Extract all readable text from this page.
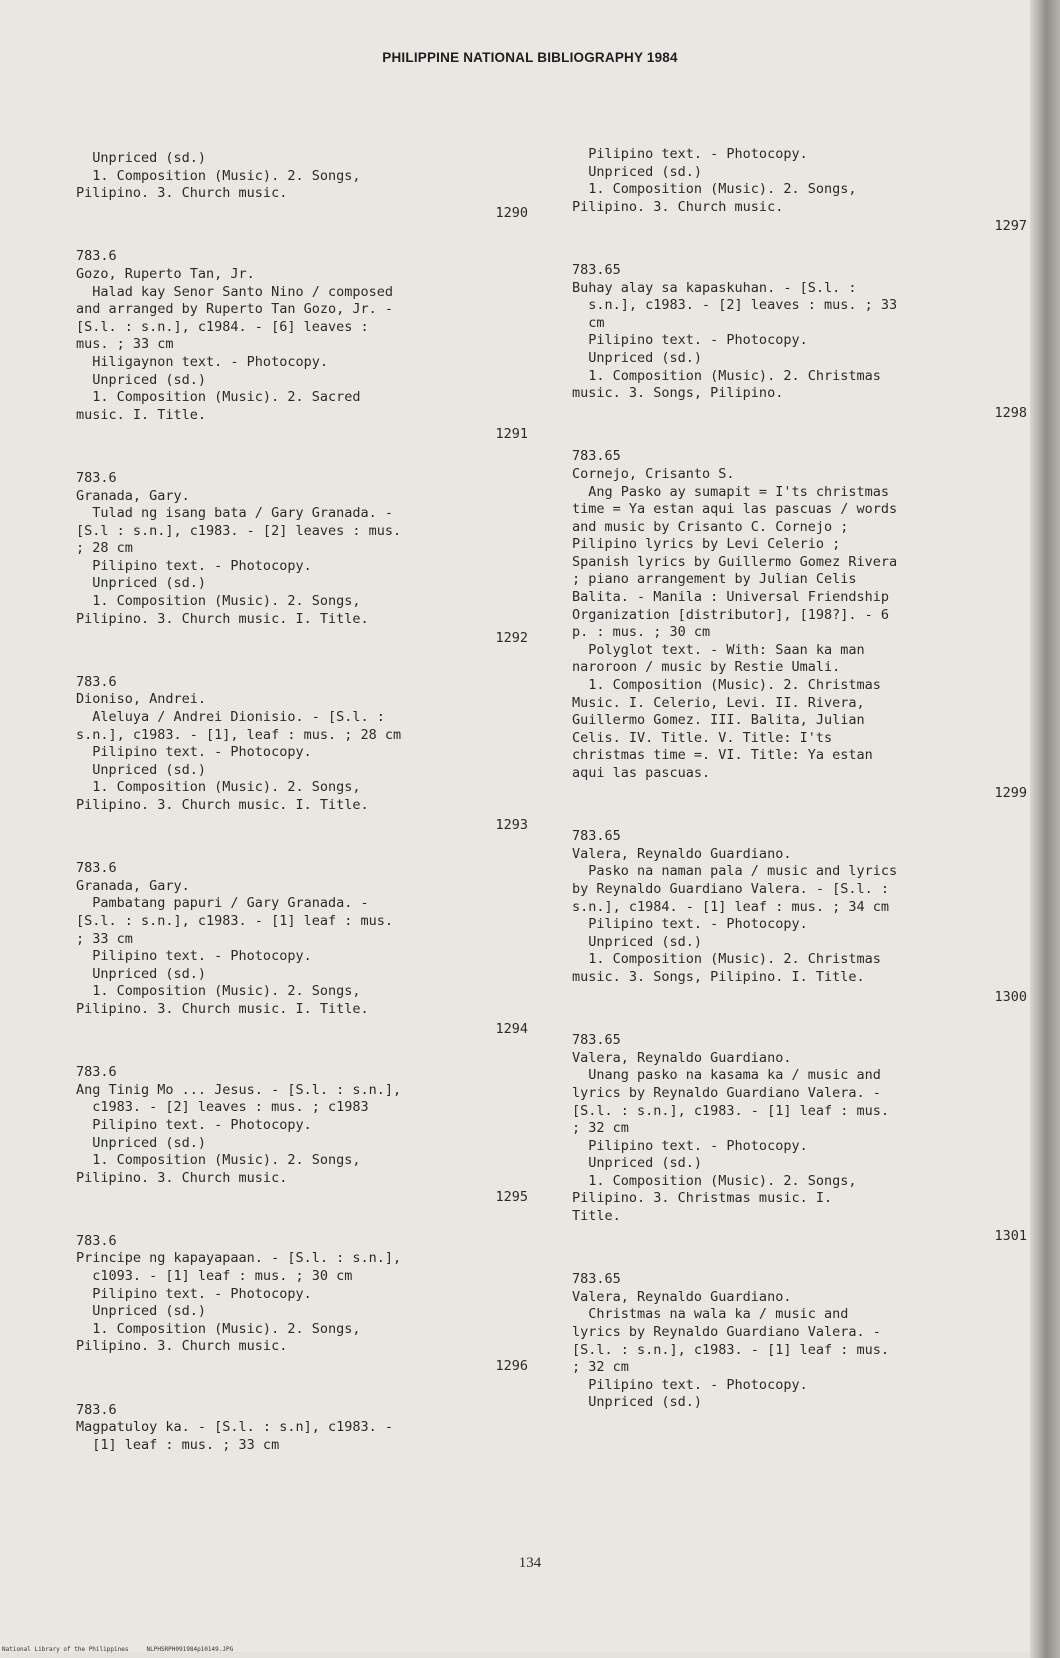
PHILIPPINE NATIONAL BIBLIOGRAPHY 1984
Unpriced (sd.)
1. Composition (Music). 2. Songs,
Pilipino. 3. Church music.
1290
783.6
Gozo, Ruperto Tan, Jr.
Halad kay Senor Santo Nino / composed
and arranged by Ruperto Tan Gozo, Jr. -
[S.l. : s.n.], c1984. - [6] leaves :
mus. ; 33 cm
Hiligaynon text. - Photocopy.
Unpriced (sd.)
1. Composition (Music). 2. Sacred
music. I. Title.
1291
783.6
Granada, Gary.
Tulad ng isang bata / Gary Granada. -
[S.l : s.n.], c1983. - [2] leaves : mus.
; 28 cm
Pilipino text. - Photocopy.
Unpriced (sd.)
1. Composition (Music). 2. Songs,
Pilipino. 3. Church music. I. Title.
1292
783.6
Dioniso, Andrei.
Aleluya / Andrei Dionisio. - [S.l. :
s.n.], c1983. - [1], leaf : mus. ; 28 cm
Pilipino text. - Photocopy.
Unpriced (sd.)
1. Composition (Music). 2. Songs,
Pilipino. 3. Church music. I. Title.
1293
783.6
Granada, Gary.
Pambatang papuri / Gary Granada. -
[S.l. : s.n.], c1983. - [1] leaf : mus.
; 33 cm
Pilipino text. - Photocopy.
Unpriced (sd.)
1. Composition (Music). 2. Songs,
Pilipino. 3. Church music. I. Title.
1294
783.6
Ang Tinig Mo ... Jesus. - [S.l. : s.n.],
c1983. - [2] leaves : mus. ; c1983
Pilipino text. - Photocopy.
Unpriced (sd.)
1. Composition (Music). 2. Songs,
Pilipino. 3. Church music.
1295
783.6
Principe ng kapayapaan. - [S.l. : s.n.],
c1093. - [1] leaf : mus. ; 30 cm
Pilipino text. - Photocopy.
Unpriced (sd.)
1. Composition (Music). 2. Songs,
Pilipino. 3. Church music.
1296
783.6
Magpatuloy ka. - [S.l. : s.n], c1983. -
[1] leaf : mus. ; 33 cm
Pilipino text. - Photocopy.
Unpriced (sd.)
1. Composition (Music). 2. Songs,
Pilipino. 3. Church music.
1297
783.65
Buhay alay sa kapaskuhan. - [S.l. :
s.n.], c1983. - [2] leaves : mus. ; 33
cm
Pilipino text. - Photocopy.
Unpriced (sd.)
1. Composition (Music). 2. Christmas
music. 3. Songs, Pilipino.
1298
783.65
Cornejo, Crisanto S.
Ang Pasko ay sumapit = I'ts christmas
time = Ya estan aqui las pascuas / words
and music by Crisanto C. Cornejo ;
Pilipino lyrics by Levi Celerio ;
Spanish lyrics by Guillermo Gomez Rivera
; piano arrangement by Julian Celis
Balita. - Manila : Universal Friendship
Organization [distributor], [198?]. - 6
p. : mus. ; 30 cm
Polyglot text. - With: Saan ka man
naroroon / music by Restie Umali.
1. Composition (Music). 2. Christmas
Music. I. Celerio, Levi. II. Rivera,
Guillermo Gomez. III. Balita, Julian
Celis. IV. Title. V. Title: I'ts
christmas time =. VI. Title: Ya estan
aqui las pascuas.
1299
783.65
Valera, Reynaldo Guardiano.
Pasko na naman pala / music and lyrics
by Reynaldo Guardiano Valera. - [S.l. :
s.n.], c1984. - [1] leaf : mus. ; 34 cm
Pilipino text. - Photocopy.
Unpriced (sd.)
1. Composition (Music). 2. Christmas
music. 3. Songs, Pilipino. I. Title.
1300
783.65
Valera, Reynaldo Guardiano.
Unang pasko na kasama ka / music and
lyrics by Reynaldo Guardiano Valera. -
[S.l. : s.n.], c1983. - [1] leaf : mus.
; 32 cm
Pilipino text. - Photocopy.
Unpriced (sd.)
1. Composition (Music). 2. Songs,
Pilipino. 3. Christmas music. I.
Title.
1301
783.65
Valera, Reynaldo Guardiano.
Christmas na wala ka / music and
lyrics by Reynaldo Guardiano Valera. -
[S.l. : s.n.], c1983. - [1] leaf : mus.
; 32 cm
Pilipino text. - Photocopy.
Unpriced (sd.)
134
National Library of the Philippines     NLPHSRPH091984p10149.JPG
